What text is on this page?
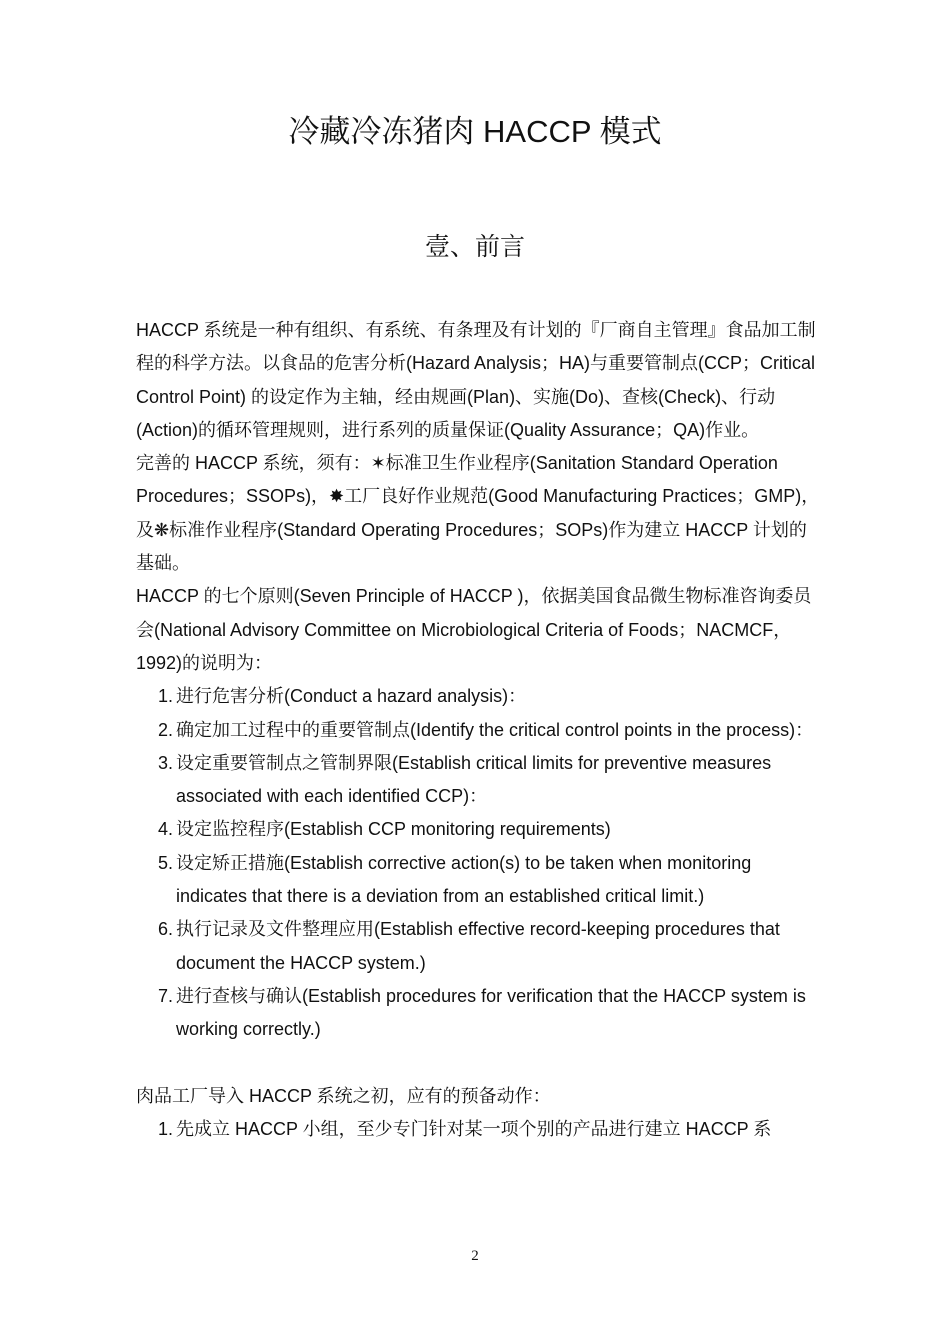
冷藏冷冻猪肉 HACCP 模式
壹、前言

HACCP 系统是一种有组织、有系统、有条理及有计划的『厂商自主管理』食品加工制程的科学方法。以食品的危害分析(Hazard Analysis；HA)与重要管制点(CCP；Critical Control Point) 的设定作为主轴，经由规画(Plan)、实施(Do)、查核(Check)、行动(Action)的循环管理规则，进行系列的质量保证(Quality Assurance；QA)作业。

完善的 HACCP 系统，须有：✶标准卫生作业程序(Sanitation Standard Operation Procedures；SSOPs)，✸工厂良好作业规范(Good Manufacturing Practices；GMP)，及❋标准作业程序(Standard Operating Procedures；SOPs)作为建立 HACCP 计划的基础。

HACCP 的七个原则(Seven Principle of HACCP )，依据美国食品微生物标准咨询委员会(National Advisory Committee on Microbiological Criteria of Foods；NACMCF，1992)的说明为：

1. 进行危害分析(Conduct a hazard analysis)：
2. 确定加工过程中的重要管制点(Identify the critical control points in the process)：
3. 设定重要管制点之管制界限(Establish critical limits for preventive measures associated with each identified CCP)：
4. 设定监控程序(Establish CCP monitoring requirements)
5. 设定矫正措施(Establish corrective action(s) to be taken when monitoring indicates that there is a deviation from an established critical limit.)
6. 执行记录及文件整理应用(Establish effective record-keeping procedures that document the HACCP system.)
7. 进行查核与确认(Establish procedures for verification that the HACCP system is working correctly.)

肉品工厂导入 HACCP 系统之初，应有的预备动作：

1. 先成立 HACCP 小组，至少专门针对某一项个别的产品进行建立 HACCP 系
2
